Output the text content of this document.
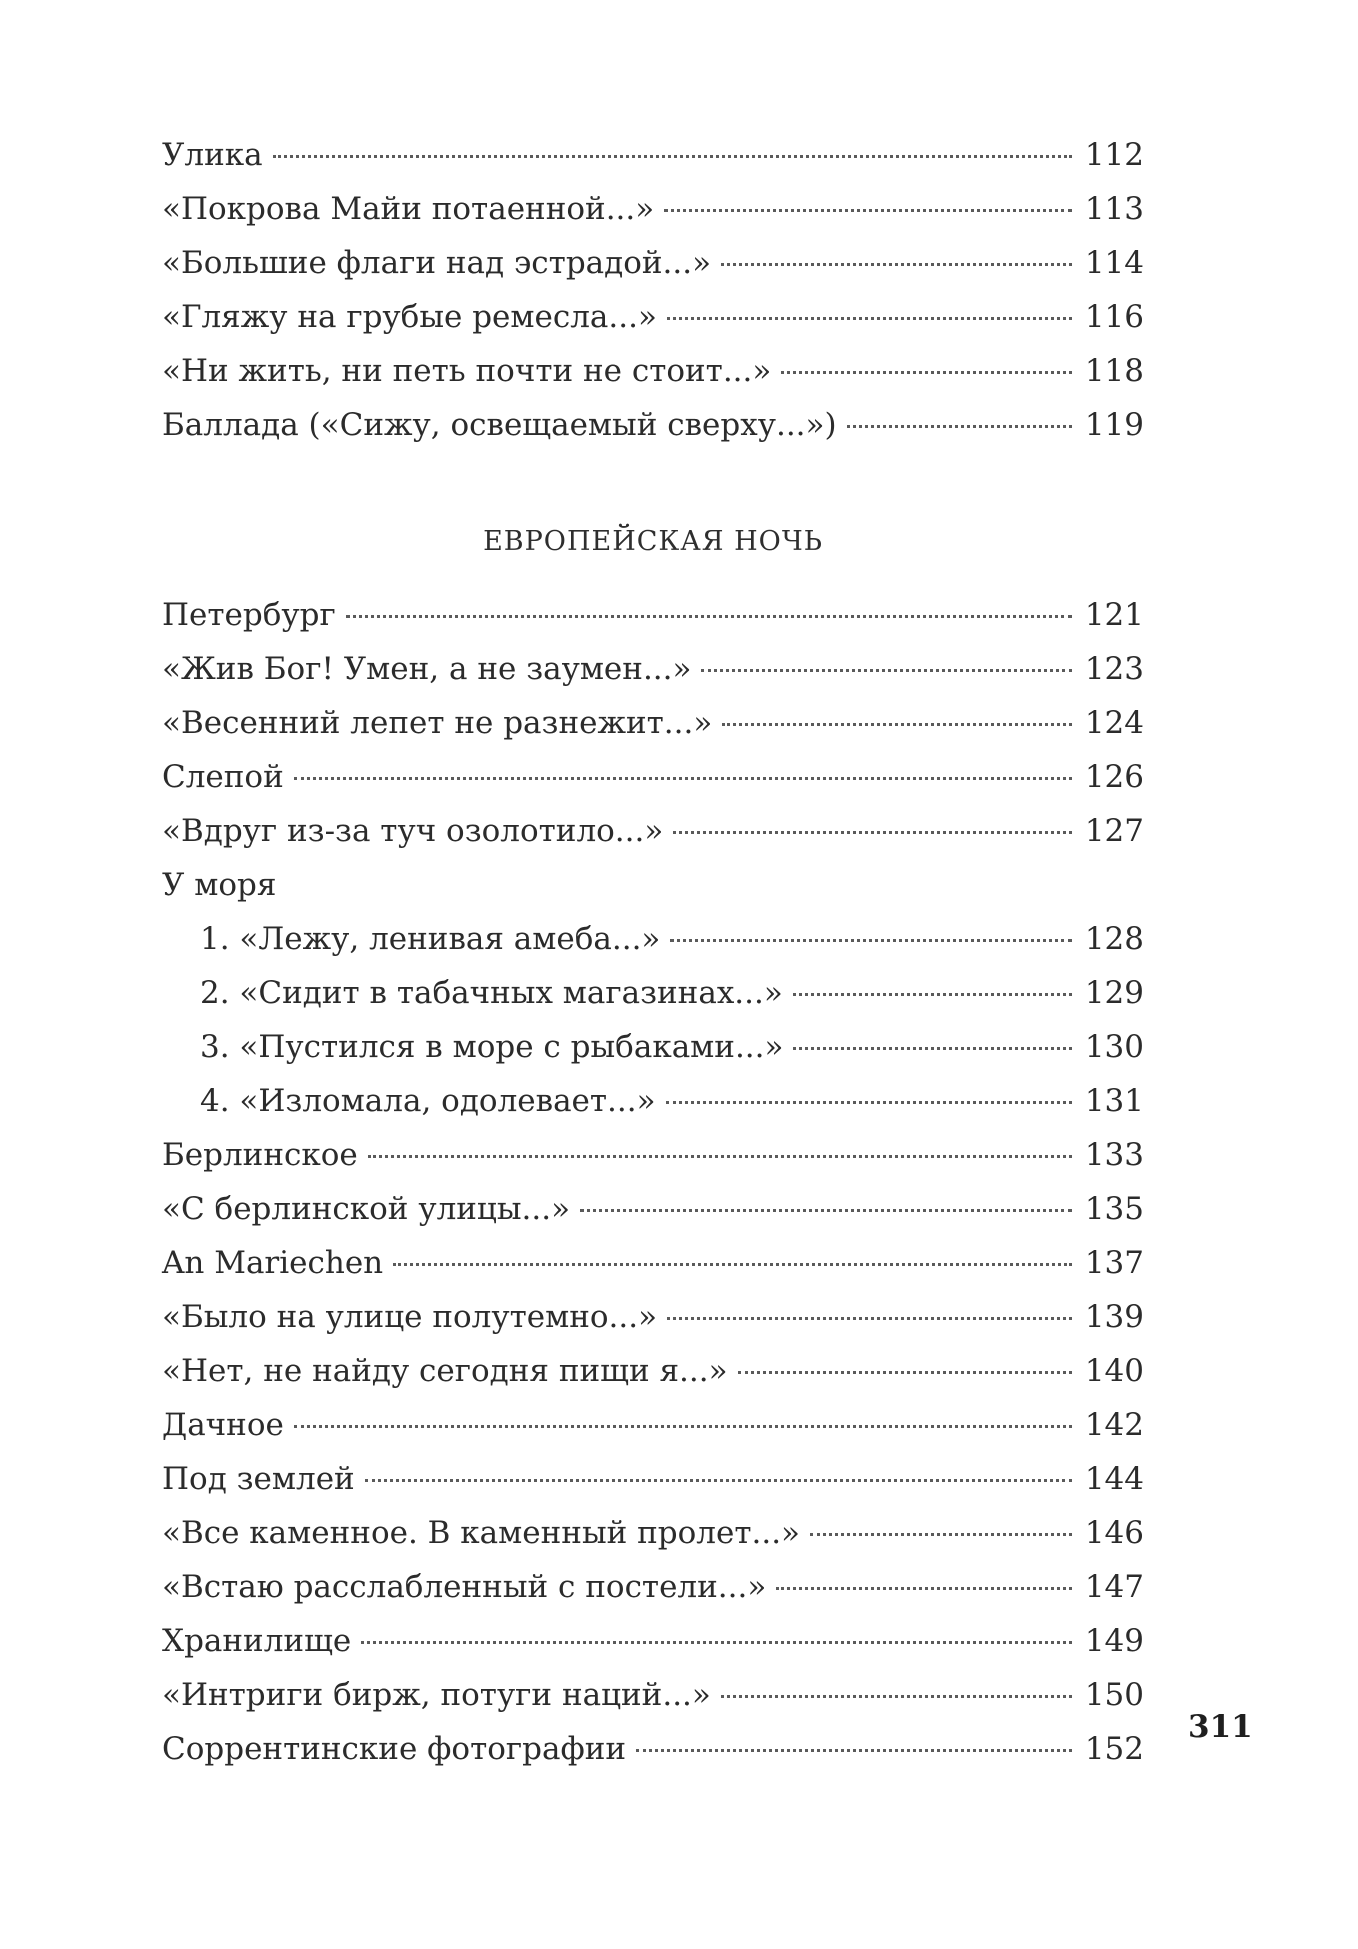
Улика	112
«Покрова Майи потаенной...»	113
«Большие флаги над эстрадой...»	114
«Гляжу на грубые ремесла...»	116
«Ни жить, ни петь почти не стоит...»	118
Баллада («Сижу, освещаемый сверху...»)	119
ЕВРОПЕЙСКАЯ НОЧЬ
Петербург	121
«Жив Бог! Умен, а не заумен...»	123
«Весенний лепет не разнежит...»	124
Слепой	126
«Вдруг из-за туч озолотило...»	127
У моря
1. «Лежу, ленивая амеба...»	128
2. «Сидит в табачных магазинах...»	129
3. «Пустился в море с рыбаками...»	130
4. «Изломала, одолевает...»	131
Берлинское	133
«С берлинской улицы...»	135
An Mariechen	137
«Было на улице полутемно...»	139
«Нет, не найду сегодня пищи я...»	140
Дачное	142
Под землей	144
«Все каменное. В каменный пролет...»	146
«Встаю расслабленный с постели...»	147
Хранилище	149
«Интриги бирж, потуги наций...»	150
Соррентинские фотографии	152
311
